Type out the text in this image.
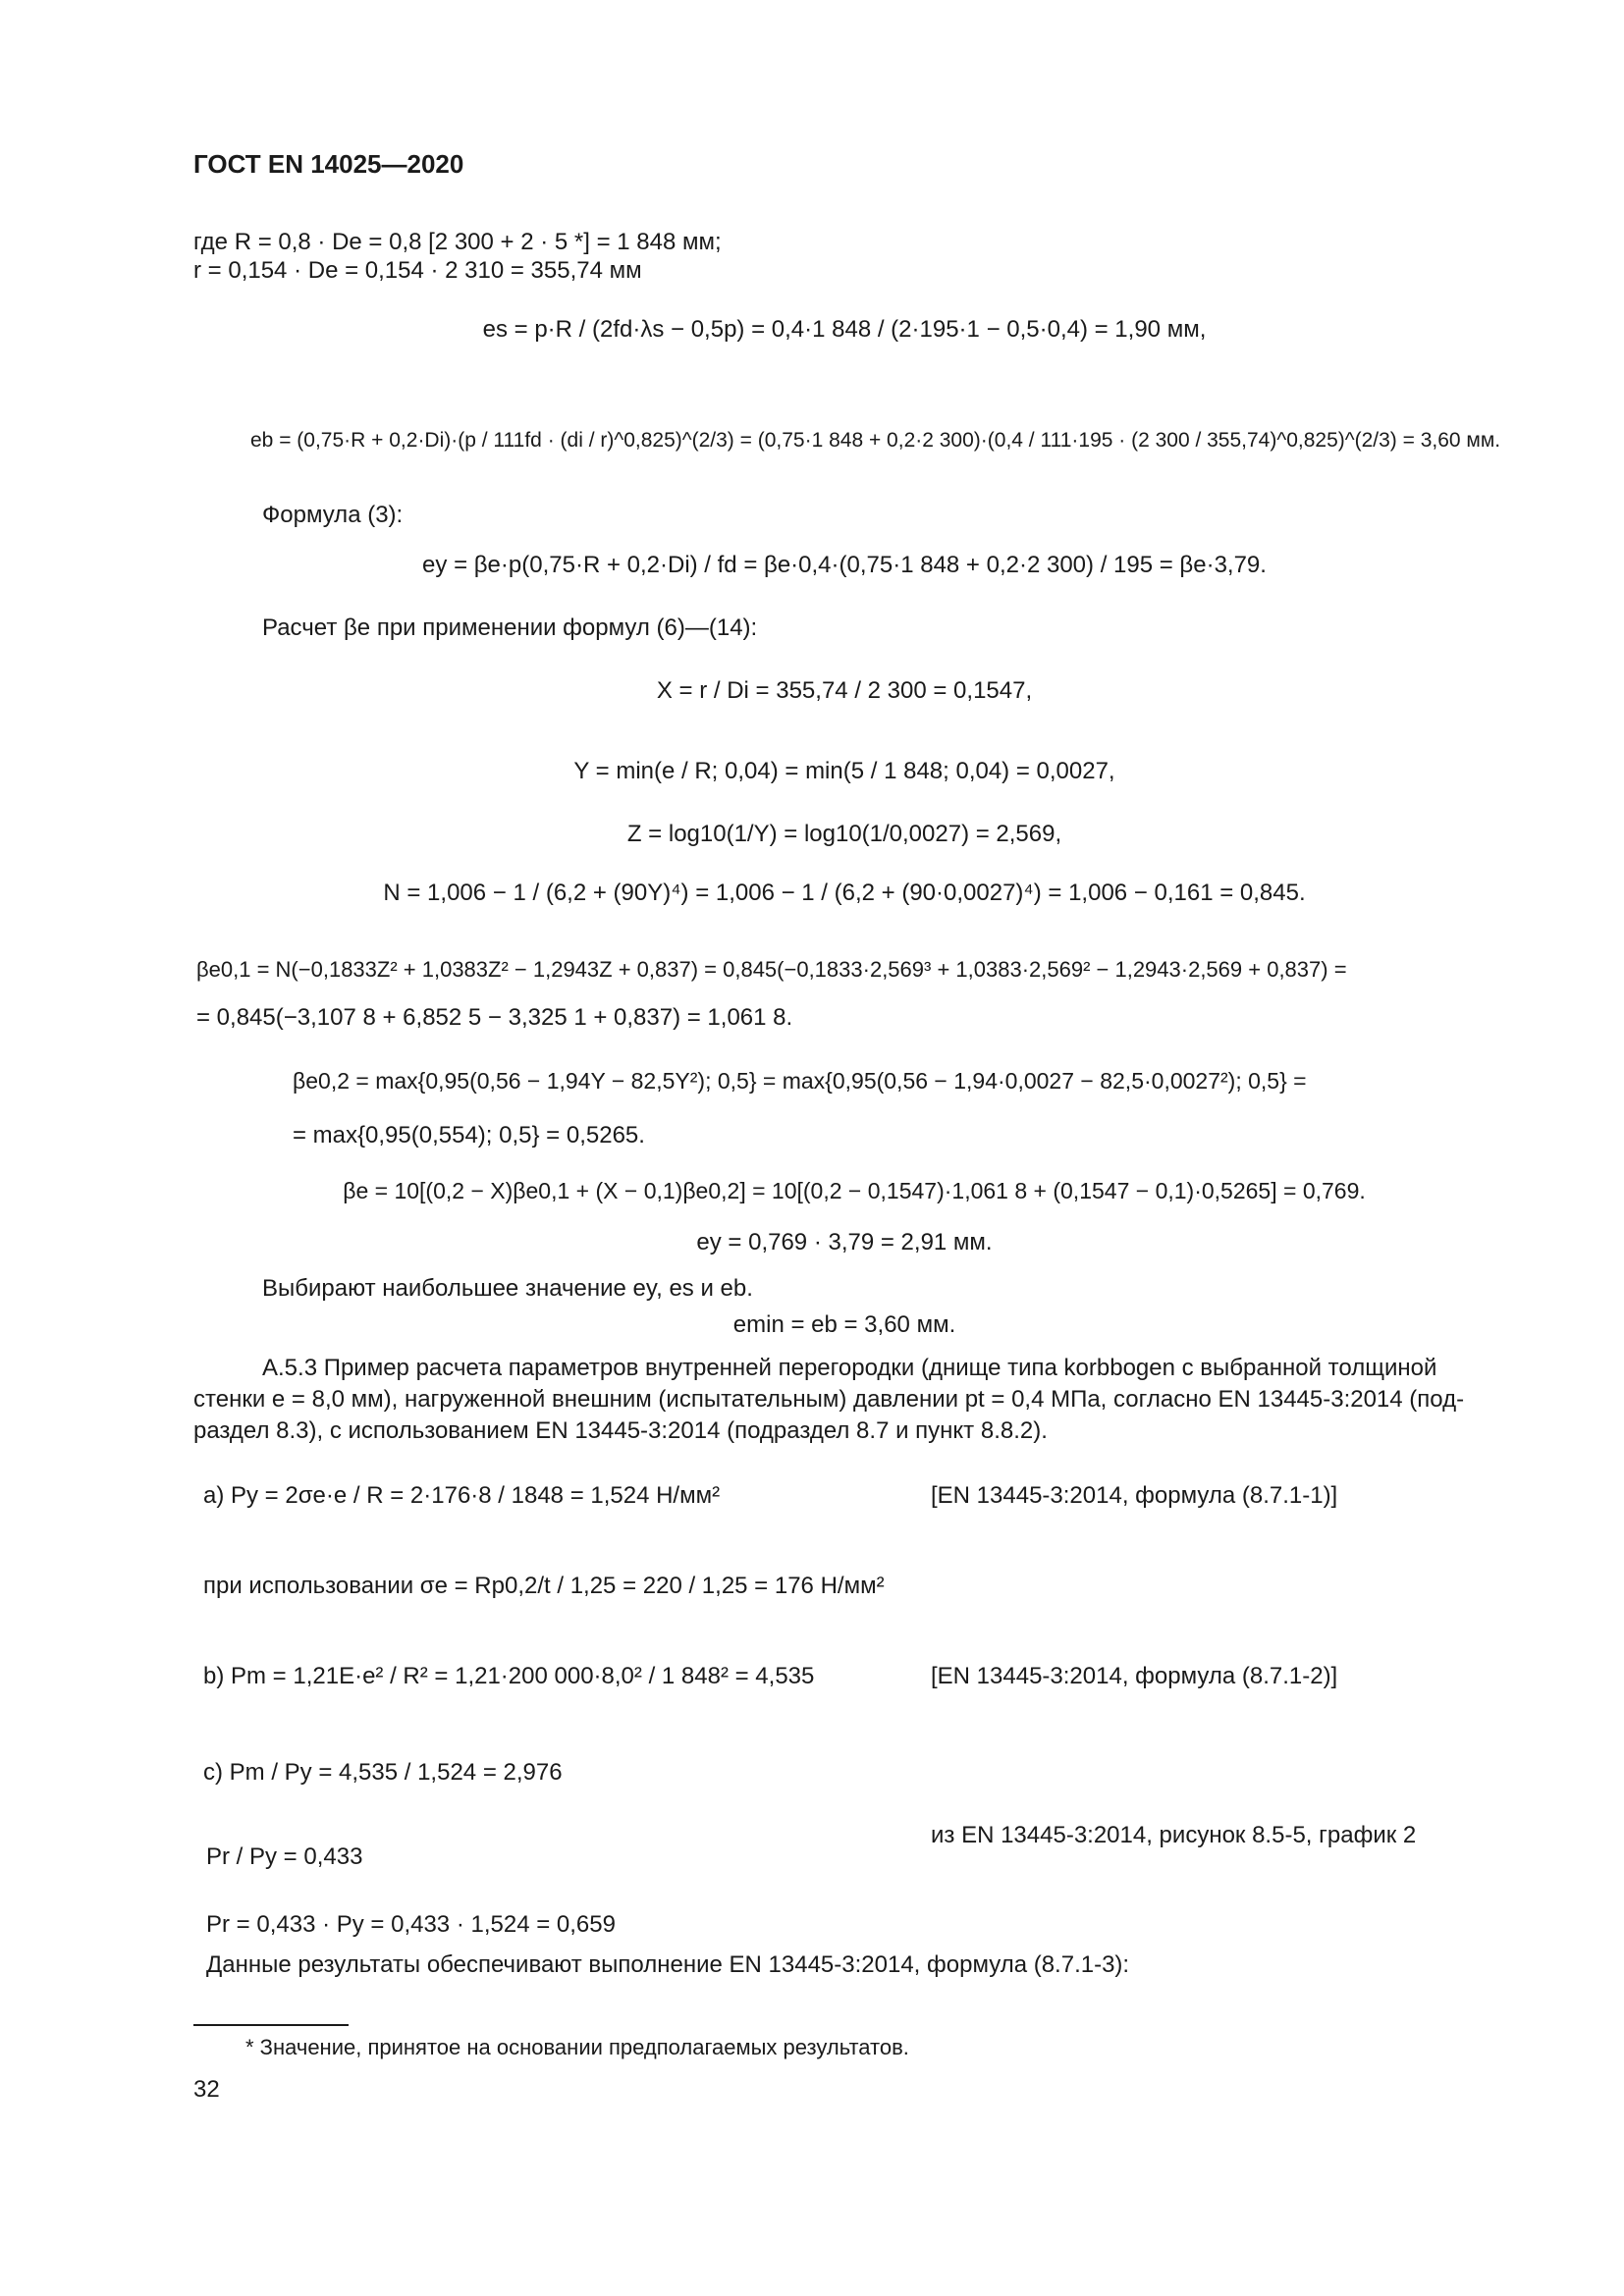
ГОСТ EN 14025—2020
где R = 0,8 · De = 0,8 [2 300 + 2 · 5 *] = 1 848 мм;
r = 0,154 · De = 0,154 · 2 310 = 355,74 мм
es = p·R / (2fd·λs − 0,5p) = 0,4·1 848 / (2·195·1 − 0,5·0,4) = 1,90 мм,
eb = (0,75·R + 0,2·Di)·(p / 111fd · (di / r)^0,825)^(2/3) = (0,75·1 848 + 0,2·2 300)·(0,4 / 111·195 · (2 300 / 355,74)^0,825)^(2/3) = 3,60 мм.
Формула (3):
ey = βe·p(0,75·R + 0,2·Di) / fd = βe·0,4·(0,75·1 848 + 0,2·2 300) / 195 = βe·3,79.
Расчет βe при применении формул (6)—(14):
X = r / Di = 355,74 / 2 300 = 0,1547,
Y = min(e / R; 0,04) = min(5 / 1 848; 0,04) = 0,0027,
Z = log10(1/Y) = log10(1/0,0027) = 2,569,
N = 1,006 − 1 / (6,2 + (90Y)⁴) = 1,006 − 1 / (6,2 + (90·0,0027)⁴) = 1,006 − 0,161 = 0,845.
βe0,1 = N(−0,1833Z² + 1,0383Z² − 1,2943Z + 0,837) = 0,845(−0,1833·2,569³ + 1,0383·2,569² − 1,2943·2,569 + 0,837) =
= 0,845(−3,107 8 + 6,852 5 − 3,325 1 + 0,837) = 1,061 8.
βe0,2 = max{0,95(0,56 − 1,94Y − 82,5Y²); 0,5} = max{0,95(0,56 − 1,94·0,0027 − 82,5·0,0027²); 0,5} =
= max{0,95(0,554); 0,5} = 0,5265.
βe = 10[(0,2 − X)βe0,1 + (X − 0,1)βe0,2] = 10[(0,2 − 0,1547)·1,061 8 + (0,1547 − 0,1)·0,5265] = 0,769.
ey = 0,769 · 3,79 = 2,91 мм.
Выбирают наибольшее значение ey, es и eb.
emin = eb = 3,60 мм.
А.5.3 Пример расчета параметров внутренней перегородки (днище типа korbbogen с выбранной толщиной
стенки e = 8,0 мм), нагруженной внешним (испытательным) давлении pt = 0,4 МПа, согласно EN 13445-3:2014 (под-
раздел 8.3), с использованием EN 13445-3:2014 (подраздел 8.7 и пункт 8.8.2).
а) Py = 2σe·e / R = 2·176·8 / 1848 = 1,524 Н/мм²	[EN 13445-3:2014, формула (8.7.1-1)]
при использовании σe = Rp0,2/t / 1,25 = 220 / 1,25 = 176 Н/мм²
b) Pm = 1,21E·e² / R² = 1,21·200 000·8,0² / 1 848² = 4,535	[EN 13445-3:2014, формула (8.7.1-2)]
c) Pm / Py = 4,535 / 1,524 = 2,976
Pr / Py = 0,433
из EN 13445-3:2014, рисунок 8.5-5, график 2
Pr = 0,433 · Py = 0,433 · 1,524 = 0,659
Данные результаты обеспечивают выполнение EN 13445-3:2014, формула (8.7.1-3):
* Значение, принятое на основании предполагаемых результатов.
32
